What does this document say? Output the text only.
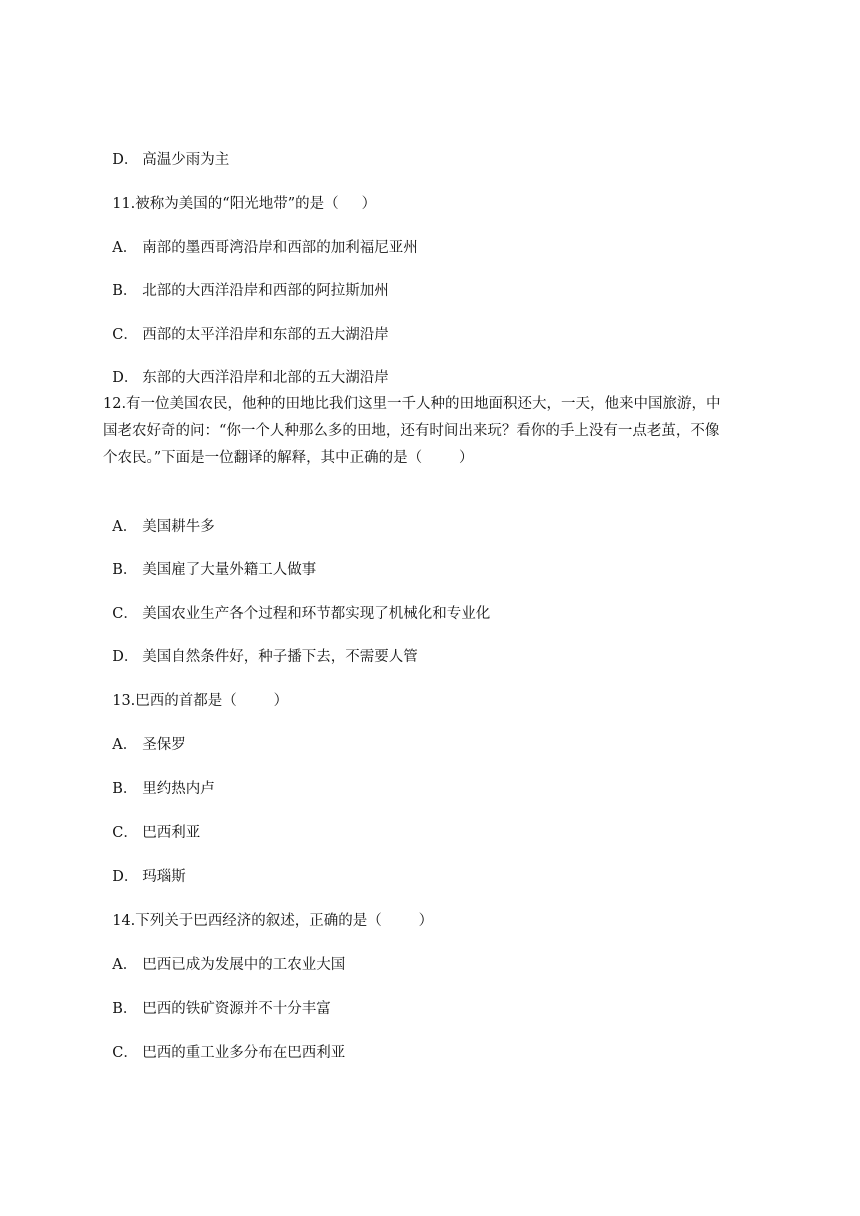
D． 高温少雨为主

11.被称为美国的“阳光地带”的是（     ）

A． 南部的墨西哥湾沿岸和西部的加利福尼亚州

B． 北部的大西洋沿岸和西部的阿拉斯加州

C． 西部的太平洋沿岸和东部的五大湖沿岸

D． 东部的大西洋沿岸和北部的五大湖沿岸

12.有一位美国农民，他种的田地比我们这里一千人种的田地面积还大，一天，他来中国旅游，中
国老农好奇的问：“你一个人种那么多的田地，还有时间出来玩？看你的手上没有一点老茧，不像
个农民。”下面是一位翻译的解释，其中正确的是（        ）

A． 美国耕牛多

B． 美国雇了大量外籍工人做事

C． 美国农业生产各个过程和环节都实现了机械化和专业化

D． 美国自然条件好，种子播下去，不需要人管

13.巴西的首都是（        ）

A． 圣保罗

B． 里约热内卢

C． 巴西利亚

D． 玛瑙斯

14.下列关于巴西经济的叙述，正确的是（        ）

A． 巴西已成为发展中的工农业大国

B． 巴西的铁矿资源并不十分丰富

C． 巴西的重工业多分布在巴西利亚
